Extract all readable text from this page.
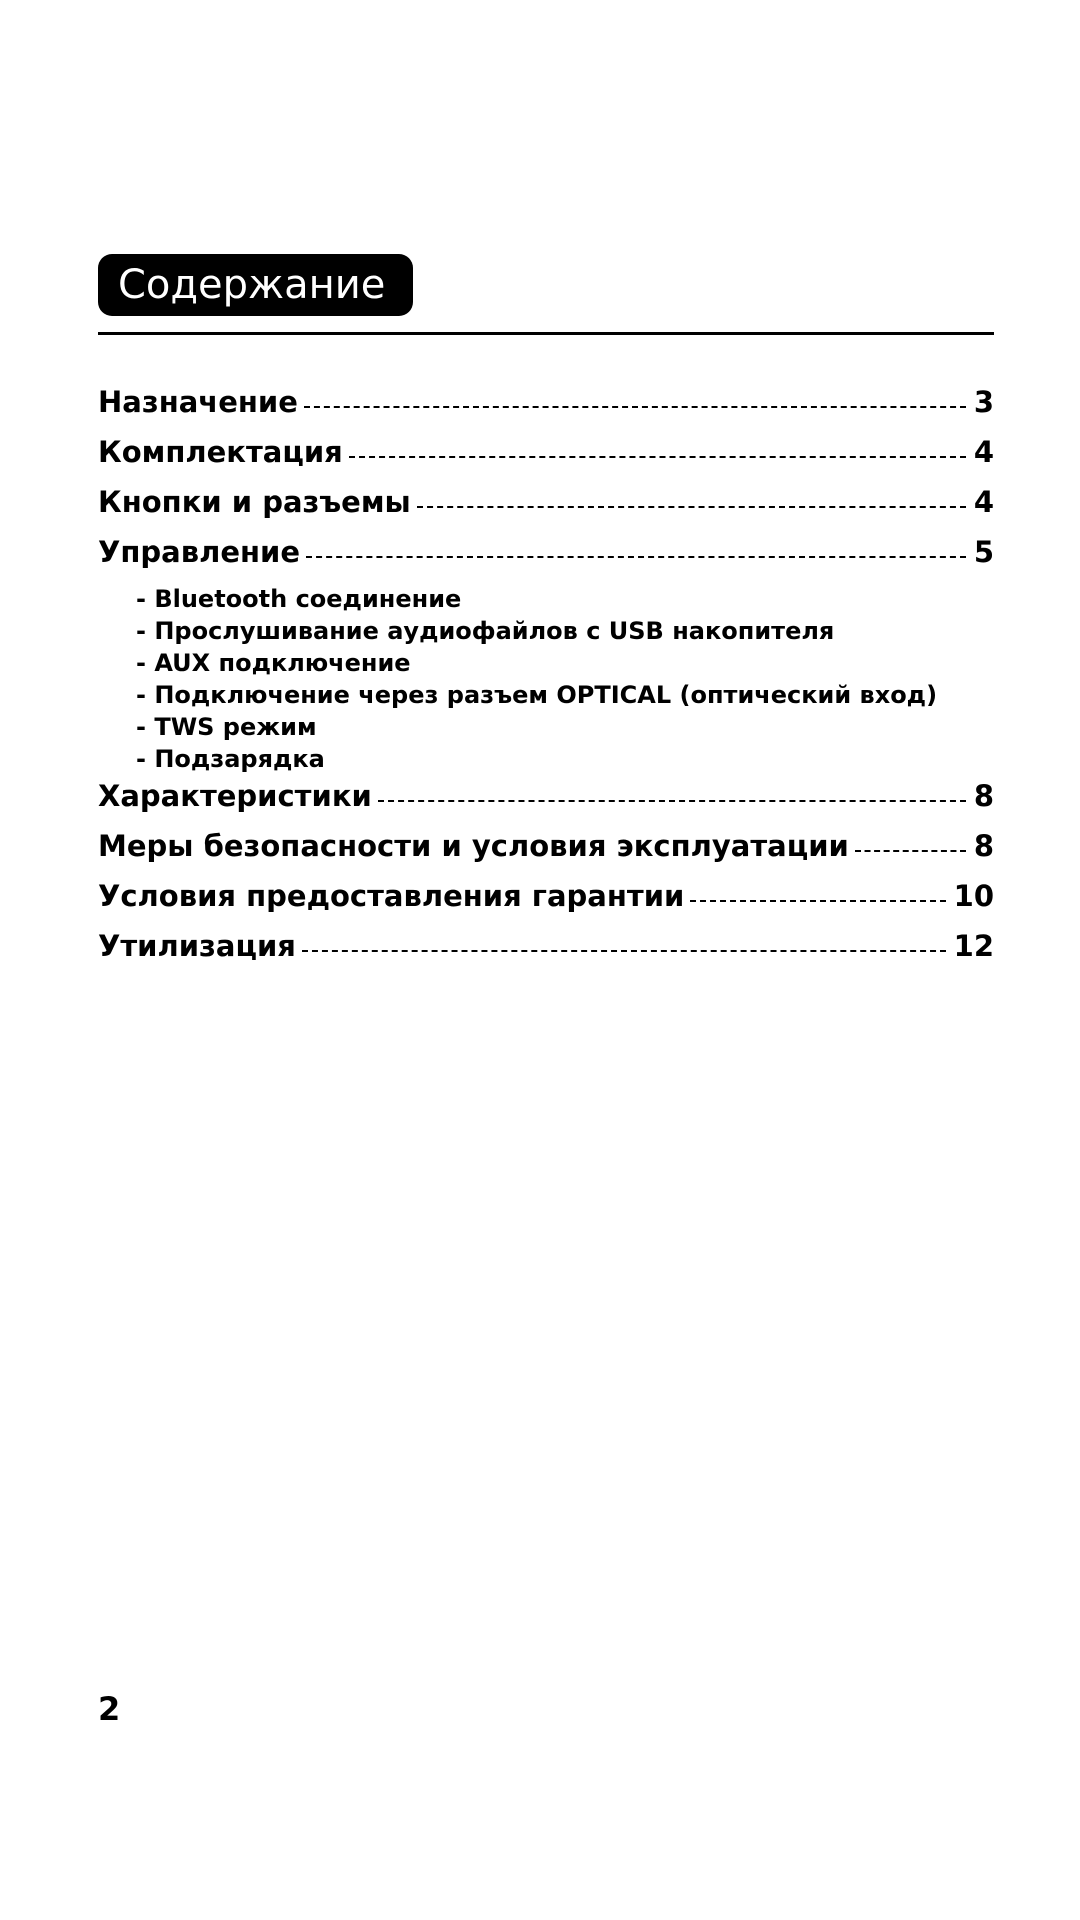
Содержание
Назначение	3
Комплектация	4
Кнопки и разъемы	4
Управление	5
- Bluetooth соединение
- Прослушивание аудиофайлов с USB накопителя
- AUX подключение
- Подключение через разъем OPTICAL (оптический вход)
- TWS режим
- Подзарядка
Характеристики	8
Меры безопасности и условия эксплуатации	8
Условия предоставления гарантии	10
Утилизация	12
2
